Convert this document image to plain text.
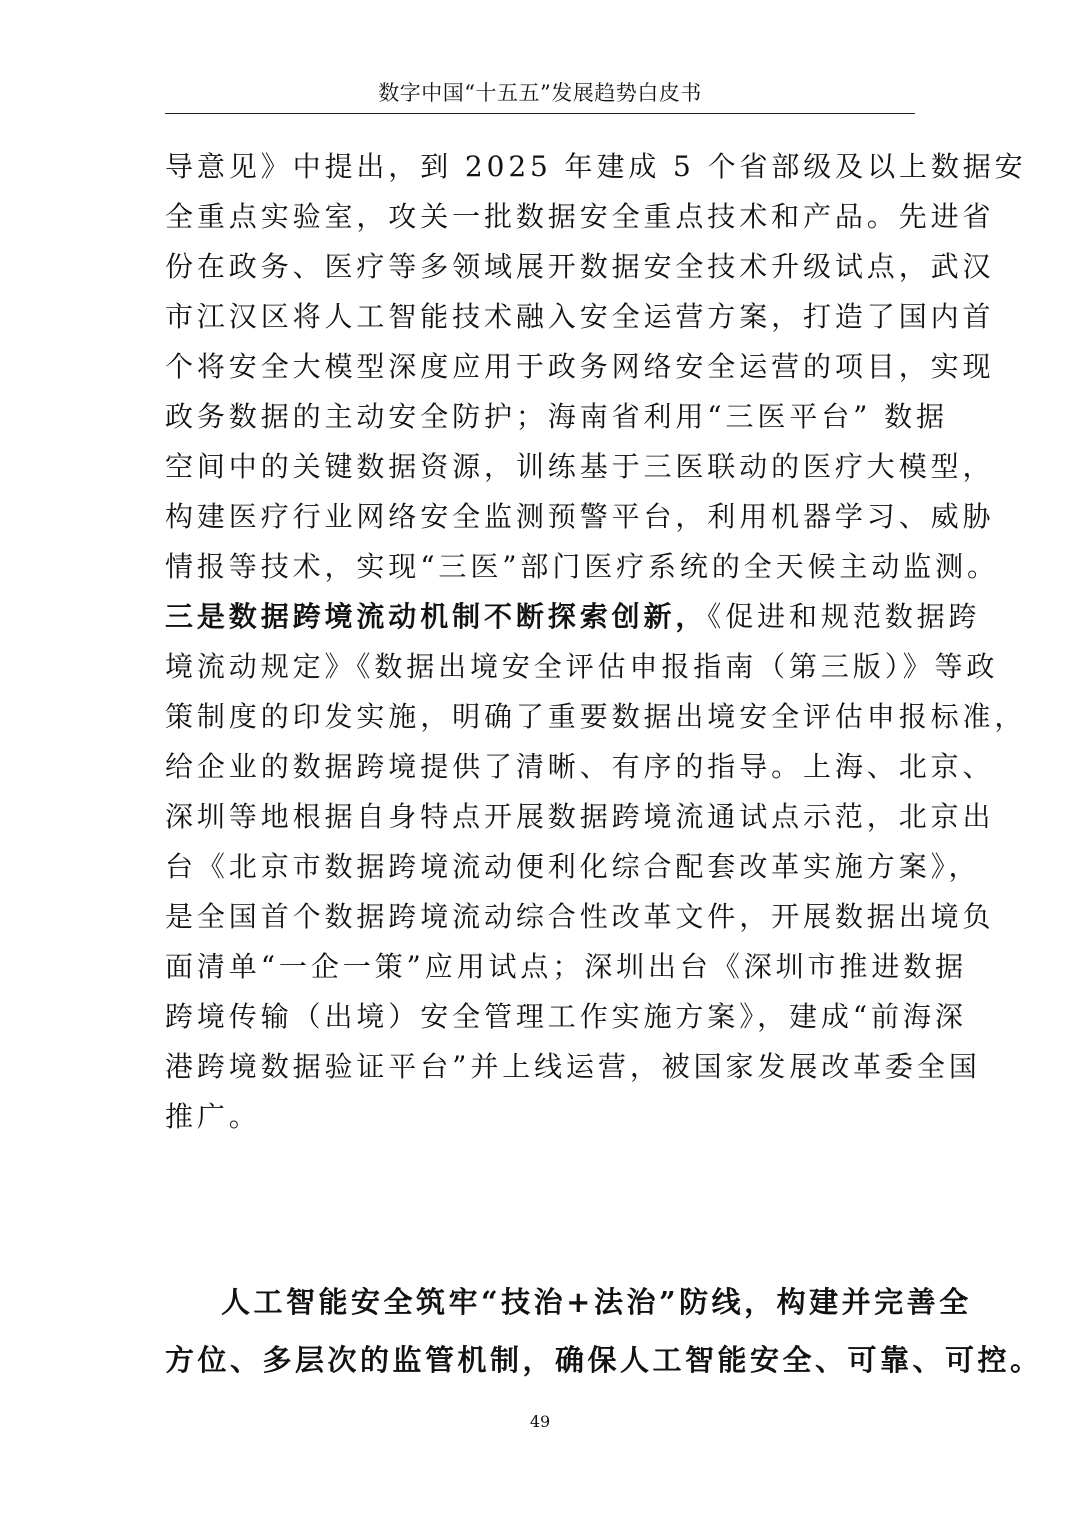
数字中国“十五五”发展趋势白皮书
导意见》中提出，到 2025 年建成 5 个省部级及以上数据安
全重点实验室，攻关一批数据安全重点技术和产品。先进省
份在政务、医疗等多领域展开数据安全技术升级试点，武汉
市江汉区将人工智能技术融入安全运营方案，打造了国内首
个将安全大模型深度应用于政务网络安全运营的项目，实现
政务数据的主动安全防护；海南省利用“三医平台” 数据
空间中的关键数据资源，训练基于三医联动的医疗大模型，
构建医疗行业网络安全监测预警平台，利用机器学习、威胁
情报等技术，实现“三医”部门医疗系统的全天候主动监测。
三是数据跨境流动机制不断探索创新，《促进和规范数据跨
境流动规定》《数据出境安全评估申报指南（第三版）》等政
策制度的印发实施，明确了重要数据出境安全评估申报标准，
给企业的数据跨境提供了清晰、有序的指导。上海、北京、
深圳等地根据自身特点开展数据跨境流通试点示范，北京出
台《北京市数据跨境流动便利化综合配套改革实施方案》，
是全国首个数据跨境流动综合性改革文件，开展数据出境负
面清单“一企一策”应用试点；深圳出台《深圳市推进数据
跨境传输（出境）安全管理工作实施方案》，建成“前海深
港跨境数据验证平台”并上线运营，被国家发展改革委全国
推广。
人工智能安全筑牢“技治+法治”防线，构建并完善全
方位、多层次的监管机制，确保人工智能安全、可靠、可控。
49
